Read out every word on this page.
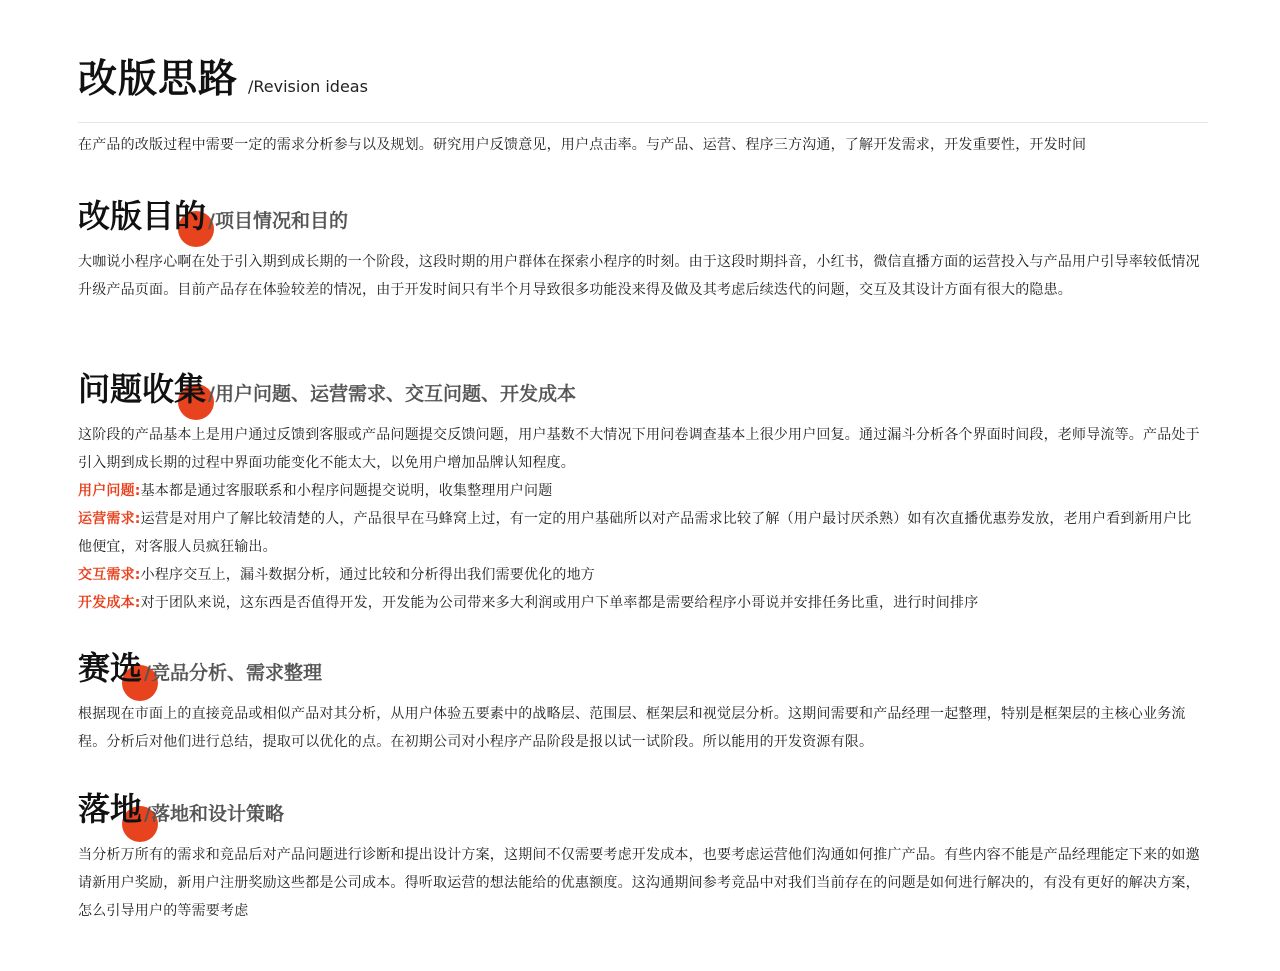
改版思路 /Revision ideas

在产品的改版过程中需要一定的需求分析参与以及规划。研究用户反馈意见，用户点击率。与产品、运营、程序三方沟通，了解开发需求，开发重要性，开发时间

改版目的 /项目情况和目的

大咖说小程序心啊在处于引入期到成长期的一个阶段，这段时期的用户群体在探索小程序的时刻。由于这段时期抖音，小红书，微信直播方面的运营投入与产品用户引导率较低情况升级产品页面。目前产品存在体验较差的情况，由于开发时间只有半个月导致很多功能没来得及做及其考虑后续迭代的问题，交互及其设计方面有很大的隐患。

问题收集 /用户问题、运营需求、交互问题、开发成本

这阶段的产品基本上是用户通过反馈到客服或产品问题提交反馈问题，用户基数不大情况下用问卷调查基本上很少用户回复。通过漏斗分析各个界面时间段，老师导流等。产品处于引入期到成长期的过程中界面功能变化不能太大，以免用户增加品牌认知程度。

用户问题:基本都是通过客服联系和小程序问题提交说明，收集整理用户问题

运营需求:运营是对用户了解比较清楚的人，产品很早在马蜂窝上过，有一定的用户基础所以对产品需求比较了解（用户最讨厌杀熟）如有次直播优惠券发放，老用户看到新用户比他便宜，对客服人员疯狂输出。

交互需求:小程序交互上，漏斗数据分析，通过比较和分析得出我们需要优化的地方

开发成本:对于团队来说，这东西是否值得开发，开发能为公司带来多大利润或用户下单率都是需要给程序小哥说并安排任务比重，进行时间排序

赛选 /竞品分析、需求整理

根据现在市面上的直接竞品或相似产品对其分析，从用户体验五要素中的战略层、范围层、框架层和视觉层分析。这期间需要和产品经理一起整理，特别是框架层的主核心业务流程。分析后对他们进行总结，提取可以优化的点。在初期公司对小程序产品阶段是报以试一试阶段。所以能用的开发资源有限。

落地 /落地和设计策略

当分析万所有的需求和竞品后对产品问题进行诊断和提出设计方案，这期间不仅需要考虑开发成本，也要考虑运营他们沟通如何推广产品。有些内容不能是产品经理能定下来的如邀请新用户奖励，新用户注册奖励这些都是公司成本。得听取运营的想法能给的优惠额度。这沟通期间参考竞品中对我们当前存在的问题是如何进行解决的，有没有更好的解决方案，怎么引导用户的等需要考虑
